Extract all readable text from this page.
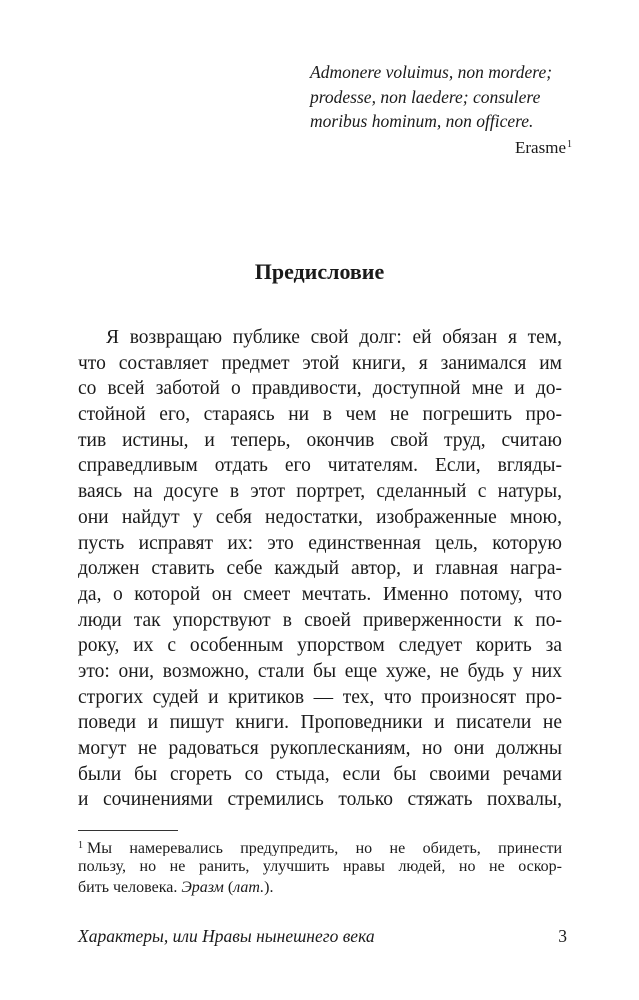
Admonere voluimus, non mordere;
prodesse, non laedere; consulere
moribus hominum, non officere.
Erasme$^1$
Предисловие
Я возвращаю публике свой долг: ей обязан я тем,
что составляет предмет этой книги, я занимался им
со всей заботой о правдивости, доступной мне и до-
стойной его, стараясь ни в чем не погрешить про-
тив истины, и теперь, окончив свой труд, считаю
справедливым отдать его читателям. Если, вгляды-
ваясь на досуге в этот портрет, сделанный с натуры,
они найдут у себя недостатки, изображенные мною,
пусть исправят их: это единственная цель, которую
должен ставить себе каждый автор, и главная награ-
да, о которой он смеет мечтать. Именно потому, что
люди так упорствуют в своей приверженности к по-
року, их с особенным упорством следует корить за
это: они, возможно, стали бы еще хуже, не будь у них
строгих судей и критиков — тех, что произносят про-
поведи и пишут книги. Проповедники и писатели не
могут не радоваться рукоплесканиям, но они должны
были бы сгореть со стыда, если бы своими речами
и сочинениями стремились только стяжать похвалы,
$^1$ Мы намеревались предупредить, но не обидеть, принести
пользу, но не ранить, улучшить нравы людей, но не оскор-
бить человека. Эразм (лат.).
Характеры, или Нравы нынешнего века	3
